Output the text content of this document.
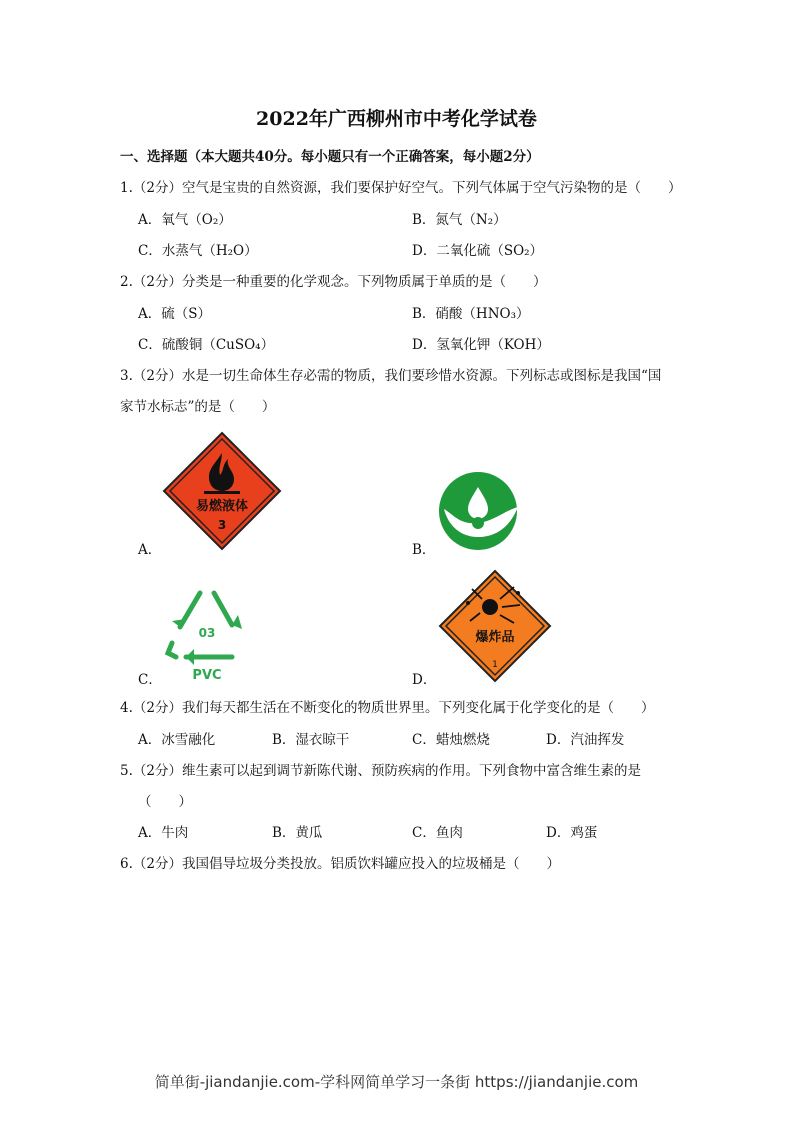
2022年广西柳州市中考化学试卷
一、选择题（本大题共40分。每小题只有一个正确答案，每小题2分）
1.（2分）空气是宝贵的自然资源，我们要保护好空气。下列气体属于空气污染物的是（　　）
A．氧气（O₂）	B．氮气（N₂）
C．水蒸气（H₂O）	D．二氧化硫（SO₂）
2.（2分）分类是一种重要的化学观念。下列物质属于单质的是（　　）
A．硫（S）	B．硝酸（HNO₃）
C．硫酸铜（CuSO₄）	D．氢氧化钾（KOH）
3.（2分）水是一切生命体生存必需的物质，我们要珍惜水资源。下列标志或图标是我国“国
家节水标志”的是（　　）
易燃液体
3
A．	B．
03
PVC
C．
爆炸品
1
D．
4.（2分）我们每天都生活在不断变化的物质世界里。下列变化属于化学变化的是（　　）
A．冰雪融化	B．湿衣晾干	C．蜡烛燃烧	D．汽油挥发
5.（2分）维生素可以起到调节新陈代谢、预防疾病的作用。下列食物中富含维生素的是
（　　）
A．牛肉	B．黄瓜	C．鱼肉	D．鸡蛋
6.（2分）我国倡导垃圾分类投放。铝质饮料罐应投入的垃圾桶是（　　）
简单街-jiandanjie.com-学科网简单学习一条街 https://jiandanjie.com
